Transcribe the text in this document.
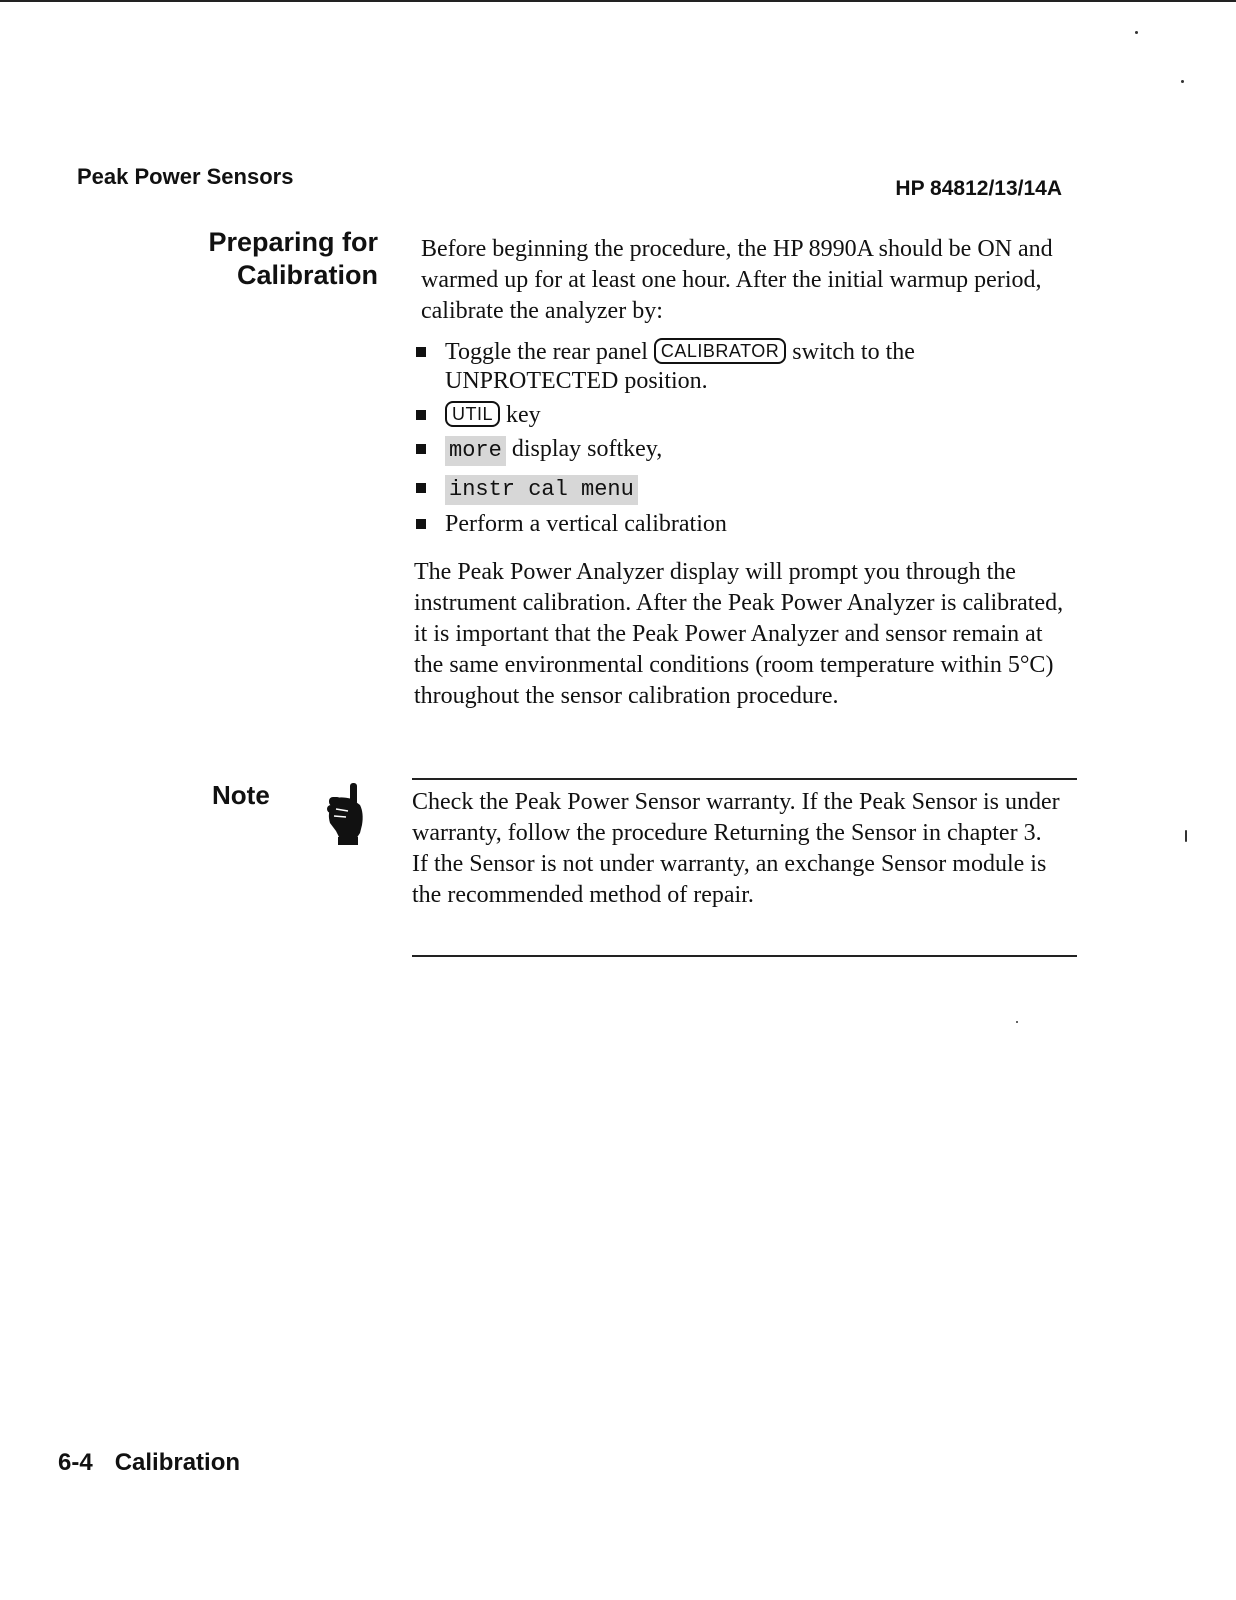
Peak Power Sensors	HP 84812/13/14A
Preparing for
Calibration
Before beginning the procedure, the HP 8990A should be ON and warmed up for at least one hour. After the initial warmup period, calibrate the analyzer by:
Toggle the rear panel CALIBRATOR switch to the UNPROTECTED position.
UTIL key
more display softkey,
instr cal menu
Perform a vertical calibration
The Peak Power Analyzer display will prompt you through the instrument calibration. After the Peak Power Analyzer is calibrated, it is important that the Peak Power Analyzer and sensor remain at the same environmental conditions (room temperature within 5°C) throughout the sensor calibration procedure.
Note	Check the Peak Power Sensor warranty. If the Peak Sensor is under warranty, follow the procedure Returning the Sensor in chapter 3. If the Sensor is not under warranty, an exchange Sensor module is the recommended method of repair.
6-4 Calibration
